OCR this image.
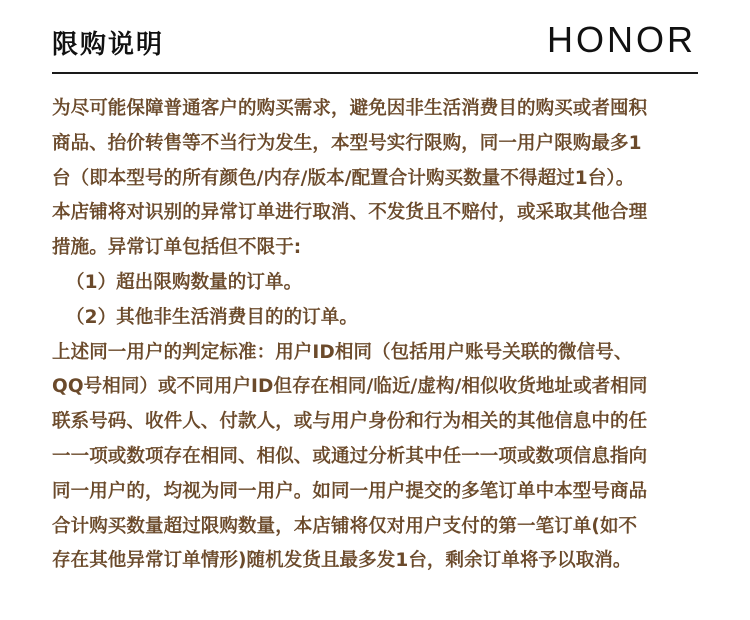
限购说明	HONOR
为尽可能保障普通客户的购买需求，避免因非生活消费目的购买或者囤积
商品、抬价转售等不当行为发生，本型号实行限购，同一用户限购最多1
台（即本型号的所有颜色/内存/版本/配置合计购买数量不得超过1台）。
本店铺将对识别的异常订单进行取消、不发货且不赔付，或采取其他合理
措施。异常订单包括但不限于:
（1）超出限购数量的订单。
（2）其他非生活消费目的的订单。
上述同一用户的判定标准：用户ID相同（包括用户账号关联的微信号、
QQ号相同）或不同用户ID但存在相同/临近/虚构/相似收货地址或者相同
联系号码、收件人、付款人，或与用户身份和行为相关的其他信息中的任
一一项或数项存在相同、相似、或通过分析其中任一一项或数项信息指向
同一用户的，均视为同一用户。如同一用户提交的多笔订单中本型号商品
合计购买数量超过限购数量，本店铺将仅对用户支付的第一笔订单(如不
存在其他异常订单情形)随机发货且最多发1台，剩余订单将予以取消。
